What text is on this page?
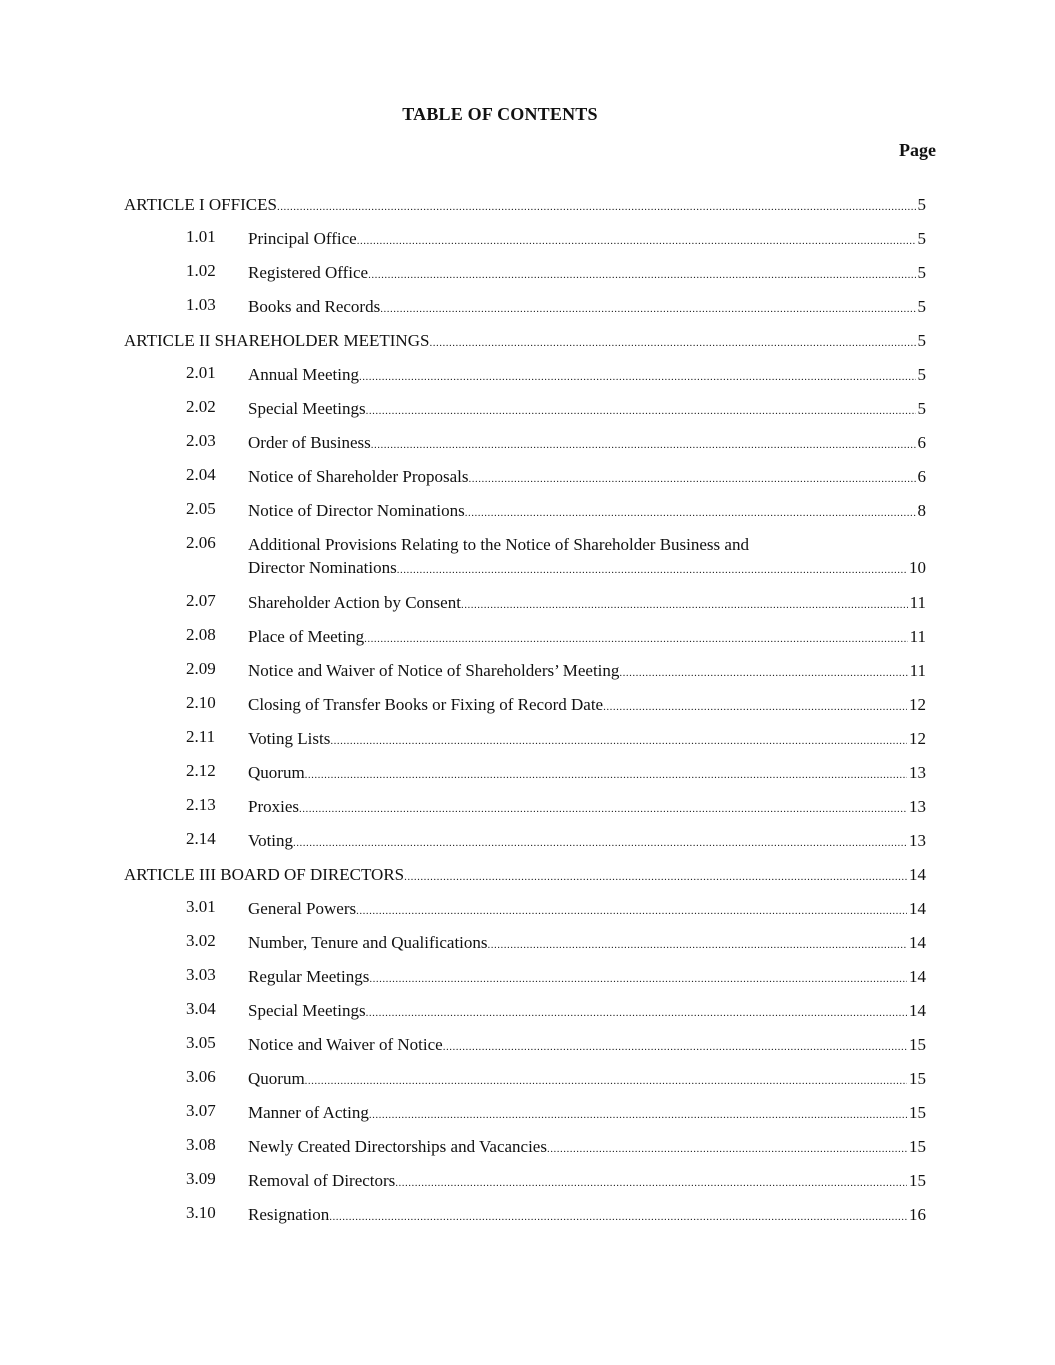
TABLE OF CONTENTS
Page
ARTICLE I OFFICES .....	5
1.01 Principal Office .....	5
1.02 Registered Office .....	5
1.03 Books and Records .....	5
ARTICLE II SHAREHOLDER MEETINGS .....	5
2.01 Annual Meeting .....	5
2.02 Special Meetings .....	5
2.03 Order of Business .....	6
2.04 Notice of Shareholder Proposals .....	6
2.05 Notice of Director Nominations .....	8
2.06 Additional Provisions Relating to the Notice of Shareholder Business and
Director Nominations .....	10
2.07 Shareholder Action by Consent .....	11
2.08 Place of Meeting .....	11
2.09 Notice and Waiver of Notice of Shareholders’ Meeting .....	11
2.10 Closing of Transfer Books or Fixing of Record Date .....	12
2.11 Voting Lists .....	12
2.12 Quorum .....	13
2.13 Proxies .....	13
2.14 Voting .....	13
ARTICLE III BOARD OF DIRECTORS .....	14
3.01 General Powers .....	14
3.02 Number, Tenure and Qualifications .....	14
3.03 Regular Meetings .....	14
3.04 Special Meetings .....	14
3.05 Notice and Waiver of Notice .....	15
3.06 Quorum .....	15
3.07 Manner of Acting .....	15
3.08 Newly Created Directorships and Vacancies .....	15
3.09 Removal of Directors .....	15
3.10 Resignation .....	16
